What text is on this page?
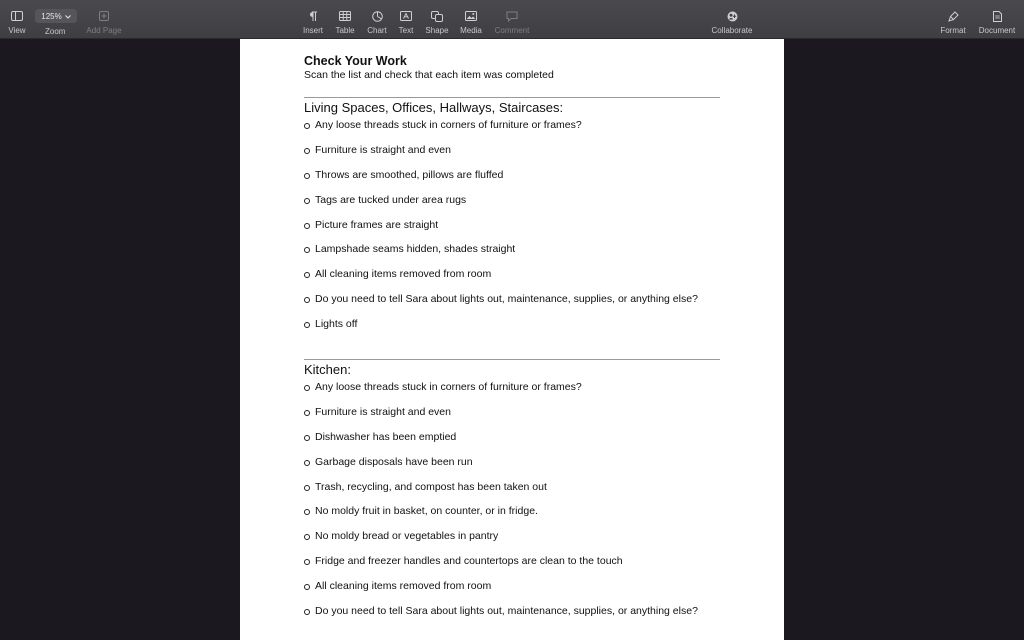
View
125%
Zoom	Add Page	Insert Table Chart Text Shape Media Comment	Collaborate	Format Document
Check Your Work
Scan the list and check that each item was completed
Living Spaces, Offices, Hallways, Staircases:
Any loose threads stuck in corners of furniture or frames?
Furniture is straight and even
Throws are smoothed, pillows are fluffed
Tags are tucked under area rugs
Picture frames are straight
Lampshade seams hidden, shades straight
All cleaning items removed from room
Do you need to tell Sara about lights out, maintenance, supplies, or anything else?
Lights off
Kitchen:
Any loose threads stuck in corners of furniture or frames?
Furniture is straight and even
Dishwasher has been emptied
Garbage disposals have been run
Trash, recycling, and compost has been taken out
No moldy fruit in basket, on counter, or in fridge.
No moldy bread or vegetables in pantry
Fridge and freezer handles and countertops are clean to the touch
All cleaning items removed from room
Do you need to tell Sara about lights out, maintenance, supplies, or anything else?
